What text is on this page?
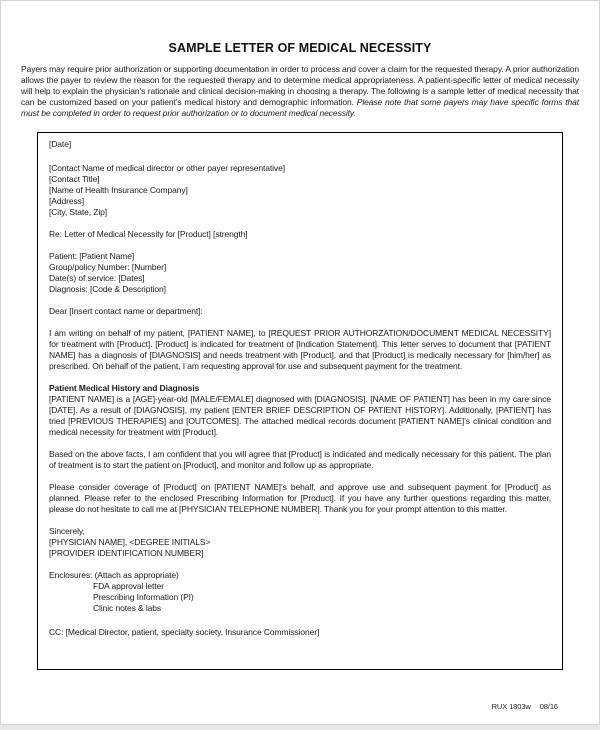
SAMPLE LETTER OF MEDICAL NECESSITY
Payers may require prior authorization or supporting documentation in order to process and cover a claim for the requested therapy. A prior authorization allows the payer to review the reason for the requested therapy and to determine medical appropriateness. A patient-specific letter of medical necessity will help to explain the physician’s rationale and clinical decision-making in choosing a therapy. The following is a sample letter of medical necessity that can be customized based on your patient’s medical history and demographic information. Please note that some payers may have specific forms that must be completed in order to request prior authorization or to document medical necessity.
[Date]
[Contact Name of medical director or other payer representative]
[Contact Title]
[Name of Health Insurance Company]
[Address]
[City, State, Zip]
Re: Letter of Medical Necessity for [Product] [strength]
Patient: [Patient Name]
Group/policy Number: [Number]
Date(s) of service: [Dates]
Diagnosis: [Code & Description]
Dear [Insert contact name or department]:
I am writing on behalf of my patient, [PATIENT NAME], to [REQUEST PRIOR AUTHORZATION/DOCUMENT MEDICAL NECESSITY] for treatment with [Product]. [Product] is indicated for treatment of [Indication Statement]. This letter serves to document that [PATIENT NAME] has a diagnosis of [DIAGNOSIS] and needs treatment with [Product], and that [Product] is medically necessary for [him/her] as prescribed. On behalf of the patient, I am requesting approval for use and subsequent payment for the treatment.
Patient Medical History and Diagnosis
[PATIENT NAME] is a [AGE]-year-old [MALE/FEMALE] diagnosed with [DIAGNOSIS]. [NAME OF PATIENT] has been in my care since [DATE]. As a result of [DIAGNOSIS], my patient [ENTER BRIEF DESCRIPTION OF PATIENT HISTORY]. Additionally, [PATIENT] has tried [PREVIOUS THERAPIES] and [OUTCOMES]. The attached medical records document [PATIENT NAME]’s clinical condition and medical necessity for treatment with [Product].
Based on the above facts, I am confident that you will agree that [Product] is indicated and medically necessary for this patient. The plan of treatment is to start the patient on [Product], and monitor and follow up as appropriate.
Please consider coverage of [Product] on [PATIENT NAME]’s behalf, and approve use and subsequent payment for [Product] as planned. Please refer to the enclosed Prescribing Information for [Product]. If you have any further questions regarding this matter, please do not hesitate to call me at [PHYSICIAN TELEPHONE NUMBER]. Thank you for your prompt attention to this matter.
Sincerely,
[PHYSICIAN NAME], <DEGREE INITIALS>
[PROVIDER IDENTIFICATION NUMBER]
Enclosures: (Attach as appropriate)
FDA approval letter
Prescribing Information (PI)
Clinic notes & labs
CC: [Medical Director, patient, specialty society, Insurance Commissioner]
RUX 1803w 08/16
